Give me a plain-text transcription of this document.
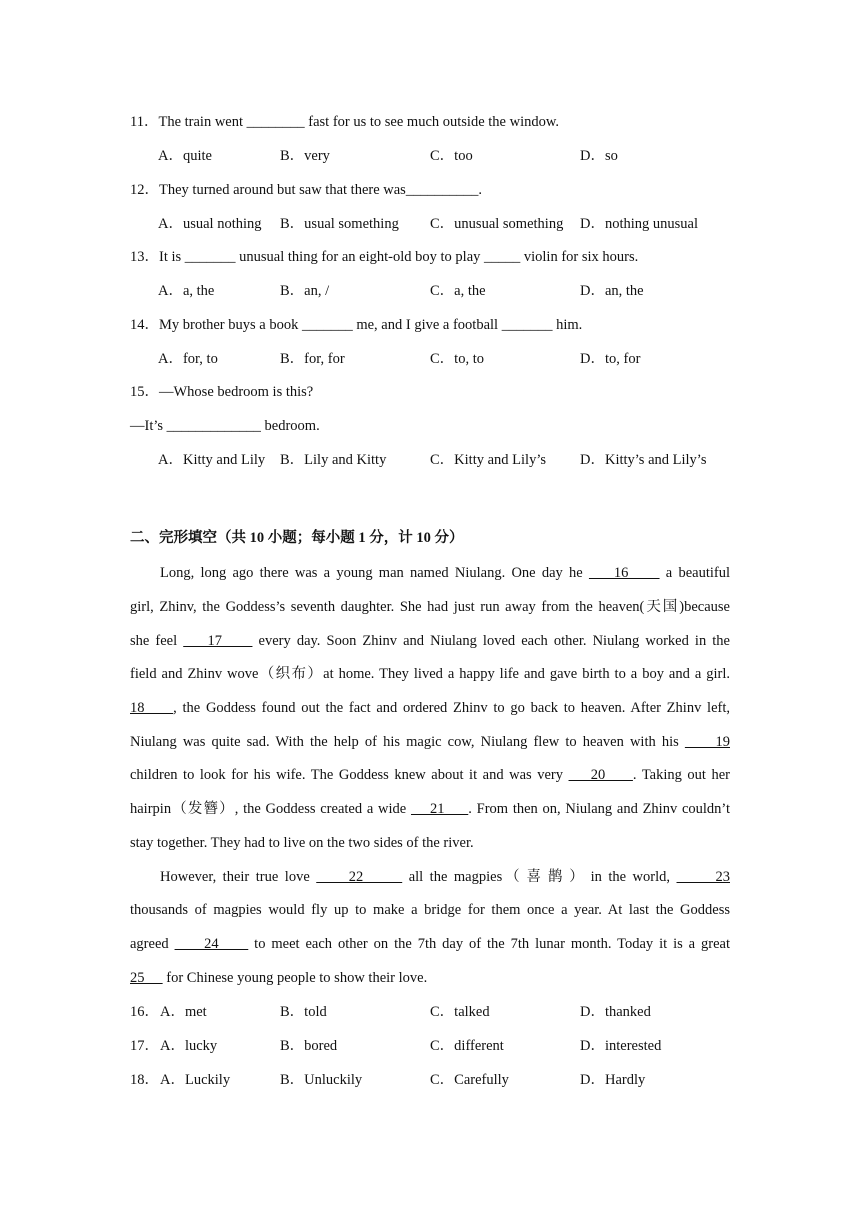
11．The train went ________ fast for us to see much outside the window.
A．quite	B．very	C．too	D．so
12．They turned around but saw that there was__________.
A．usual nothing B．usual something C．unusual something D．nothing unusual
13．It is _______ unusual thing for an eight-old boy to play _____ violin for six hours.
A．a, the	B．an, /	C．a, the	D．an, the
14．My brother buys a book _______ me, and I give a football _______ him.
A．for, to	B．for, for	C．to, to	D．to, for
15．—Whose bedroom is this?
—It’s _____________ bedroom.
A．Kitty and Lily B．Lily and Kitty	C．Kitty and Lily’s D．Kitty’s and Lily’s
二、完形填空（共 10 小题；每小题 1 分，计 10 分）
Long, long ago there was a young man named Niulang. One day he     16      a beautiful
girl, Zhinv, the Goddess’s seventh daughter. She had just run away from the heaven(天国)because
she feel     17      every day. Soon Zhinv and Niulang loved each other. Niulang worked in the
field and Zhinv wove（织布）at home. They lived a happy life and gave birth to a boy and a girl.
18     , the Goddess found out the fact and ordered Zhinv to go back to heaven. After Zhinv left,
Niulang was quite sad. With the help of his magic cow, Niulang flew to heaven with his      19
children to look for his wife. The Goddess knew about it and was very     20     . Taking out her
hairpin（发簪）, the Goddess created a wide     21     . From then on, Niulang and Zhinv couldn’t
stay together. They had to live on the two sides of the river.
However, their true love      22       all the magpies（喜鹊）in the world,       23
thousands of magpies would fly up to make a bridge for them once a year. At last the Goddess
agreed      24      to meet each other on the 7th day of the 7th lunar month. Today it is a great
25      for Chinese young people to show their love.
16． A．met	B．told	C．talked	D．thanked
17． A．lucky	B．bored	C．different	D．interested
18． A．Luckily	B．Unluckily	C．Carefully	D．Hardly
